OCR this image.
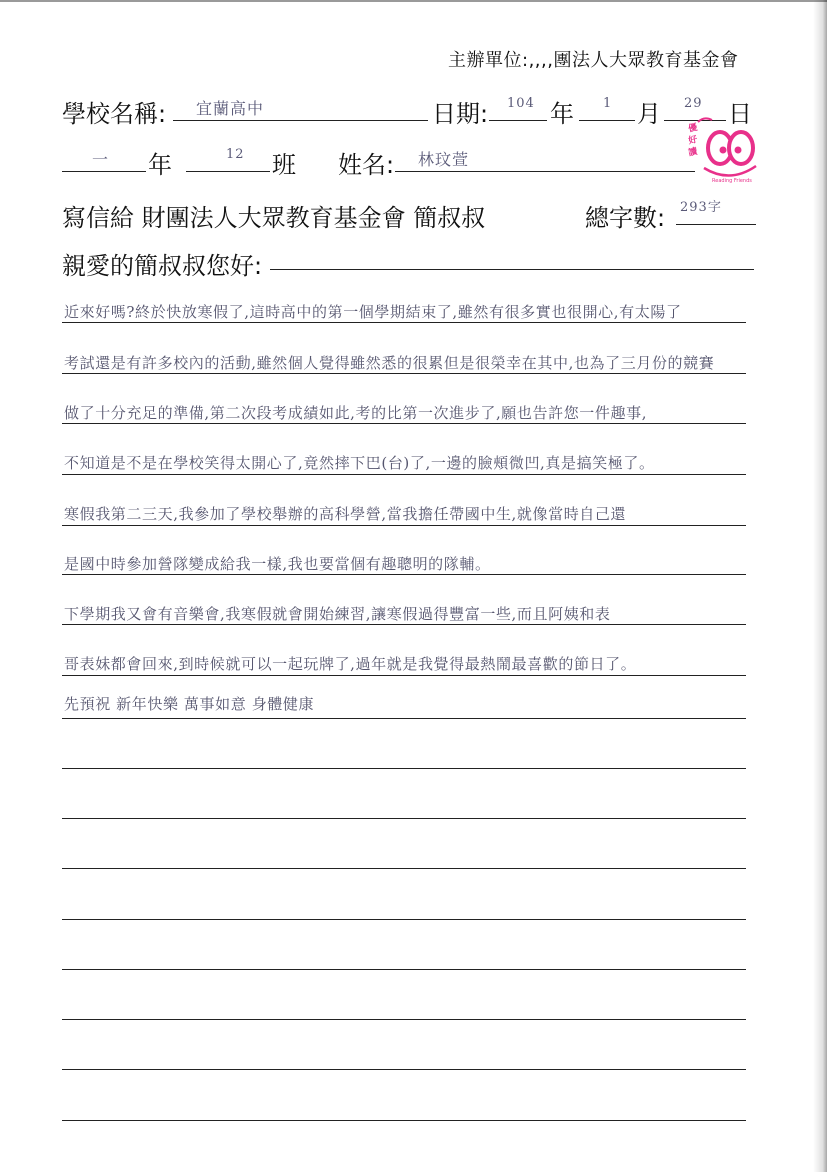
主辦單位:,,,,團法人大眾教育基金會
學校名稱: 宜蘭高中	日期: 104 年 1 月 29 日
一 年	12 班 姓名: 林玟萱
優
好
讀
Reading Friends
寫信給 財團法人大眾教育基金會 簡叔叔	總字數: 293字
親愛的簡叔叔您好:
近來好嗎?終於快放寒假了,這時高中的第一個學期結束了,雖然有很多實也很開心,有太陽了
考試還是有許多校內的活動,雖然個人覺得雖然悉的很累但是很榮幸在其中,也為了三月份的競賽
做了十分充足的準備,第二次段考成績如此,考的比第一次進步了,願也告許您一件趣事,
不知道是不是在學校笑得太開心了,竟然摔下巴(台)了,一邊的臉頰微凹,真是搞笑極了。
寒假我第二三天,我參加了學校舉辦的高科學營,當我擔任帶國中生,就像當時自己還
是國中時參加營隊變成給我一樣,我也要當個有趣聰明的隊輔。
下學期我又會有音樂會,我寒假就會開始練習,讓寒假過得豐富一些,而且阿姨和表
哥表妹都會回來,到時候就可以一起玩牌了,過年就是我覺得最熱鬧最喜歡的節日了。
先預祝 新年快樂 萬事如意 身體健康
